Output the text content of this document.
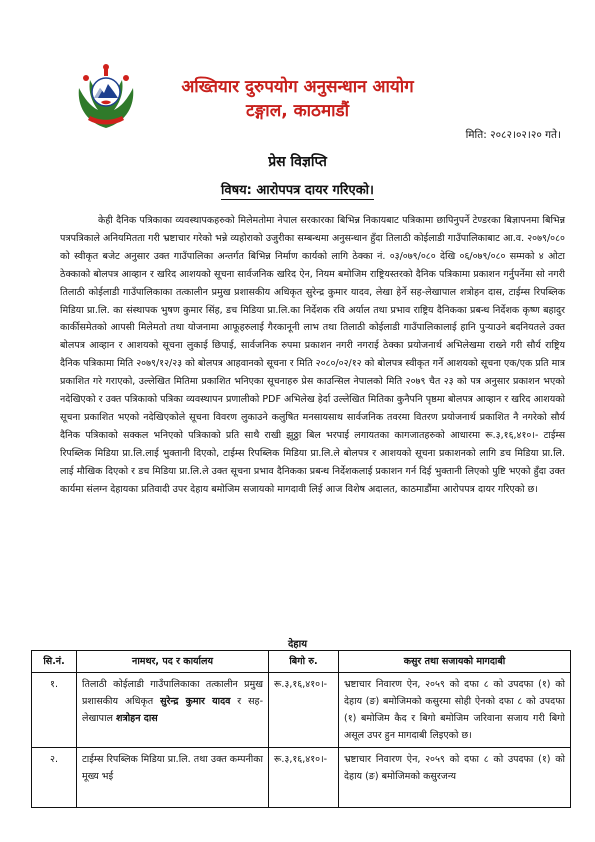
अख्तियार दुरुपयोग अनुसन्धान आयोग
टङ्गाल, काठमाडौं
मिति: २०८२।०२।२० गते।
प्रेस विज्ञप्ति
विषय: आरोपपत्र दायर गरिएको।

केही दैनिक पत्रिकाका व्यवस्थापकहरुको मिलेमतोमा नेपाल सरकारका बिभिन्न निकायबाट पत्रिकामा छापिनुपर्ने टेण्डरका बिज्ञापनमा बिभिन्न पत्रपत्रिकाले अनियमितता गरी भ्रष्टाचार गरेको भन्ने व्यहोराको उजुरीका सम्बन्धमा अनुसन्धान हुँदा तिलाठी कोईलाडी गाउँपालिकाबाट आ.व. २०७९/०८० को स्वीकृत बजेट अनुसार उक्त गाउँपालिका अन्तर्गत बिभिन्न निर्माण कार्यको लागि ठेक्का नं. ०३/०७९/०८० देखि ०६/०७९/०८० सम्मको ४ ओटा ठेक्काको बोलपत्र आव्हान र खरिद आशयको सूचना सार्वजनिक खरिद ऐन, नियम बमोजिम राष्ट्रियस्तरको दैनिक पत्रिकामा प्रकाशन गर्नुपर्नेमा सो नगरी तिलाठी कोईलाडी गाउँपालिकाका तत्कालीन प्रमुख प्रशासकीय अधिकृत सुरेन्द्र कुमार यादव, लेखा हेर्ने सह-लेखापाल शत्रोहन दास, टाईम्स रिपब्लिक मिडिया प्रा.लि. का संस्थापक भुषण कुमार सिंह, डच मिडिया प्रा.लि.का निर्देशक रवि अर्याल तथा प्रभाव राष्ट्रिय दैनिकका प्रबन्ध निर्देशक कृष्ण बहादुर कार्कीसमेतको आपसी मिलेमतो तथा योजनामा आफूहरुलाई गैरकानूनी लाभ तथा तिलाठी कोईलाडी गाउँपालिकालाई हानि पुऱ्याउने बदनियतले उक्त बोलपत्र आव्हान र आशयको सूचना लुकाई छिपाई, सार्वजनिक रुपमा प्रकाशन नगरी नगराई ठेक्का प्रयोजनार्थ अभिलेखमा राख्ने गरी सौर्य राष्ट्रिय दैनिक पत्रिकामा मिति २०७९/१२/२३ को बोलपत्र आहवानको सूचना र मिति २०८०/०२/१२ को बोलपत्र स्वीकृत गर्ने आशयको सूचना एक/एक प्रति मात्र प्रकाशित गरे गराएको, उल्लेखित मितिमा प्रकाशित भनिएका सूचनाहरु प्रेस काउन्सिल नेपालको मिति २०७९ चैत २३ को पत्र अनुसार प्रकाशन भएको नदेखिएको र उक्त पत्रिकाको पत्रिका व्यवस्थापन प्रणालीको PDF अभिलेख हेर्दा उल्लेखित मितिका कुनैपनि पृष्ठमा बोलपत्र आव्हान र खरिद आशयको सूचना प्रकाशित भएको नदेखिएकोले सूचना विवरण लुकाउने कलुषित मनसायसाथ सार्वजनिक तवरमा वितरण प्रयोजनार्थ प्रकाशित नै नगरेको सौर्य दैनिक पत्रिकाको सक्कल भनिएको पत्रिकाको प्रति साथै राखी झुठ्ठा बिल भरपाई लगायतका कागजातहरुको आधारमा रू.३,१६,४१०।- टाईम्स रिपब्लिक मिडिया प्रा.लि.लाई भुक्तानी दिएको, टाईम्स रिपब्लिक मिडिया प्रा.लि.ले बोलपत्र र आशयको सूचना प्रकाशनको लागि डच मिडिया प्रा.लि. लाई मौखिक दिएको र डच मिडिया प्रा.लि.ले उक्त सूचना प्रभाव दैनिकका प्रबन्ध निर्देशकलाई प्रकाशन गर्न दिई भुक्तानी लिएको पुष्टि भएको हुँदा उक्त कार्यमा संलग्न देहायका प्रतिवादी उपर देहाय बमोजिम सजायको मागदावी लिई आज विशेष अदालत, काठमाडौंमा आरोपपत्र दायर गरिएको छ।

देहाय
सि.नं.	नामथर, पद र कार्यालय	बिगो रु.	कसुर तथा सजायको मागदाबी
१.	तिलाठी कोईलाडी गाउँपालिकाका तत्कालीन प्रमुख प्रशासकीय अधिकृत सुरेन्द्र कुमार यादव र सह-लेखापाल शत्रोहन दास	रू.३,१६,४१०।-	भ्रष्टाचार निवारण ऐन, २०५९ को दफा ८ को उपदफा (१) को देहाय (ङ) बमोजिमको कसुरमा सोही ऐनको दफा ८ को उपदफा (१) बमोजिम कैद र बिगो बमोजिम जरिवाना सजाय गरी बिगो असूल उपर हुन मागदाबी लिइएको छ।
२.	टाईम्स रिपब्लिक मिडिया प्रा.लि. तथा उक्त कम्पनीका मूख्य भई	रू.३,१६,४१०।-	भ्रष्टाचार निवारण ऐन, २०५९ को दफा ८ को उपदफा (१) को देहाय (ङ) बमोजिमको कसुरजन्य
